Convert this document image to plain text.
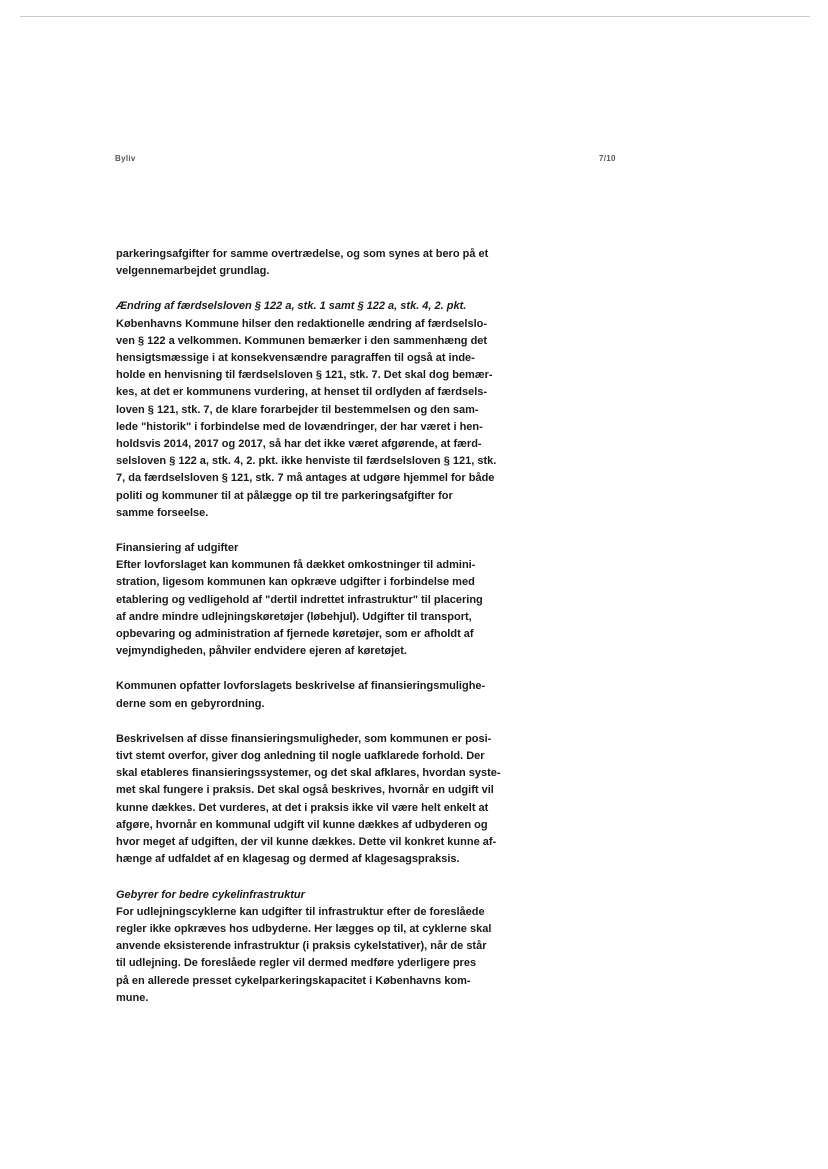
Byliv	7/10

parkeringsafgifter for samme overtrædelse, og som synes at bero på et
velgennemarbejdet grundlag.

Ændring af færdselsloven § 122 a, stk. 1 samt § 122 a, stk. 4, 2. pkt.
Københavns Kommune hilser den redaktionelle ændring af færdselslo-
ven § 122 a velkommen. Kommunen bemærker i den sammenhæng det
hensigtsmæssige i at konsekvensændre paragraffen til også at inde-
holde en henvisning til færdselsloven § 121, stk. 7. Det skal dog bemær-
kes, at det er kommunens vurdering, at henset til ordlyden af færdsels-
loven § 121, stk. 7, de klare forarbejder til bestemmelsen og den sam-
lede "historik" i forbindelse med de lovændringer, der har været i hen-
holdsvis 2014, 2017 og 2017, så har det ikke været afgørende, at færd-
selsloven § 122 a, stk. 4, 2. pkt. ikke henviste til færdselsloven § 121, stk.
7, da færdselsloven § 121, stk. 7 må antages at udgøre hjemmel for både
politi og kommuner til at pålægge op til tre parkeringsafgifter for
samme forseelse.

Finansiering af udgifter
Efter lovforslaget kan kommunen få dækket omkostninger til admini-
stration, ligesom kommunen kan opkræve udgifter i forbindelse med
etablering og vedligehold af "dertil indrettet infrastruktur" til placering
af andre mindre udlejningskøretøjer (løbehjul). Udgifter til transport,
opbevaring og administration af fjernede køretøjer, som er afholdt af
vejmyndigheden, påhviler endvidere ejeren af køretøjet.

Kommunen opfatter lovforslagets beskrivelse af finansieringsmulighe-
derne som en gebyrordning.

Beskrivelsen af disse finansieringsmuligheder, som kommunen er posi-
tivt stemt overfor, giver dog anledning til nogle uafklarede forhold. Der
skal etableres finansieringssystemer, og det skal afklares, hvordan syste-
met skal fungere i praksis. Det skal også beskrives, hvornår en udgift vil
kunne dækkes. Det vurderes, at det i praksis ikke vil være helt enkelt at
afgøre, hvornår en kommunal udgift vil kunne dækkes af udbyderen og
hvor meget af udgiften, der vil kunne dækkes. Dette vil konkret kunne af-
hænge af udfaldet af en klagesag og dermed af klagesagspraksis.

Gebyrer for bedre cykelinfrastruktur
For udlejningscyklerne kan udgifter til infrastruktur efter de foreslåede
regler ikke opkræves hos udbyderne. Her lægges op til, at cyklerne skal
anvende eksisterende infrastruktur (i praksis cykelstativer), når de står
til udlejning. De foreslåede regler vil dermed medføre yderligere pres
på en allerede presset cykelparkeringskapacitet i Københavns kom-
mune.
